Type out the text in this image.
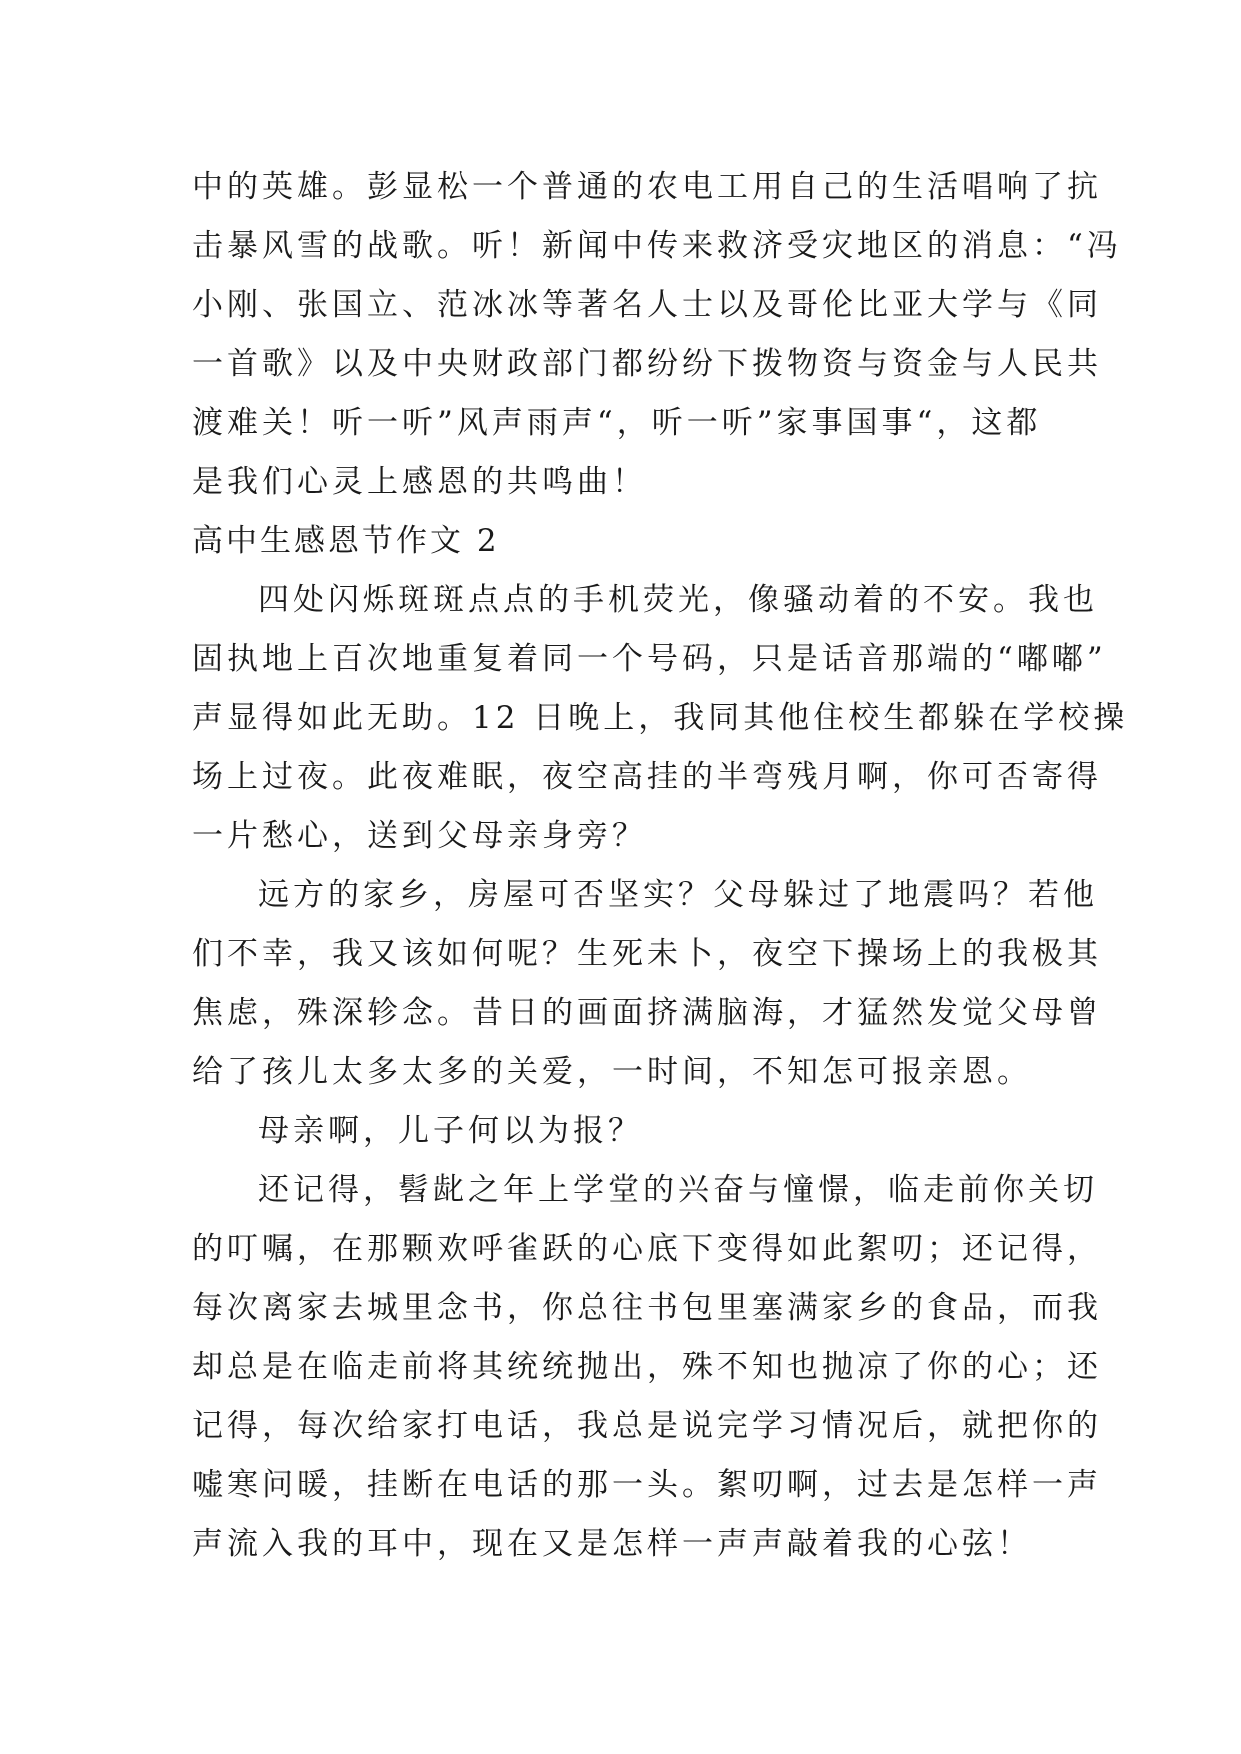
中的英雄。彭显松一个普通的农电工用自己的生活唱响了抗
击暴风雪的战歌。听！新闻中传来救济受灾地区的消息：“冯
小刚、张国立、范冰冰等著名人士以及哥伦比亚大学与《同
一首歌》以及中央财政部门都纷纷下拨物资与资金与人民共
渡难关！听一听”风声雨声“，听一听”家事国事“，这都
是我们心灵上感恩的共鸣曲！
高中生感恩节作文 2
四处闪烁斑斑点点的手机荧光，像骚动着的不安。我也
固执地上百次地重复着同一个号码，只是话音那端的“嘟嘟”
声显得如此无助。12 日晚上，我同其他住校生都躲在学校操
场上过夜。此夜难眠，夜空高挂的半弯残月啊，你可否寄得
一片愁心，送到父母亲身旁？
远方的家乡，房屋可否坚实？父母躲过了地震吗？若他
们不幸，我又该如何呢？生死未卜，夜空下操场上的我极其
焦虑，殊深轸念。昔日的画面挤满脑海，才猛然发觉父母曾
给了孩儿太多太多的关爱，一时间，不知怎可报亲恩。
母亲啊，儿子何以为报？
还记得，髫龀之年上学堂的兴奋与憧憬，临走前你关切
的叮嘱，在那颗欢呼雀跃的心底下变得如此絮叨；还记得，
每次离家去城里念书，你总往书包里塞满家乡的食品，而我
却总是在临走前将其统统抛出，殊不知也抛凉了你的心；还
记得，每次给家打电话，我总是说完学习情况后，就把你的
嘘寒问暖，挂断在电话的那一头。絮叨啊，过去是怎样一声
声流入我的耳中，现在又是怎样一声声敲着我的心弦！
